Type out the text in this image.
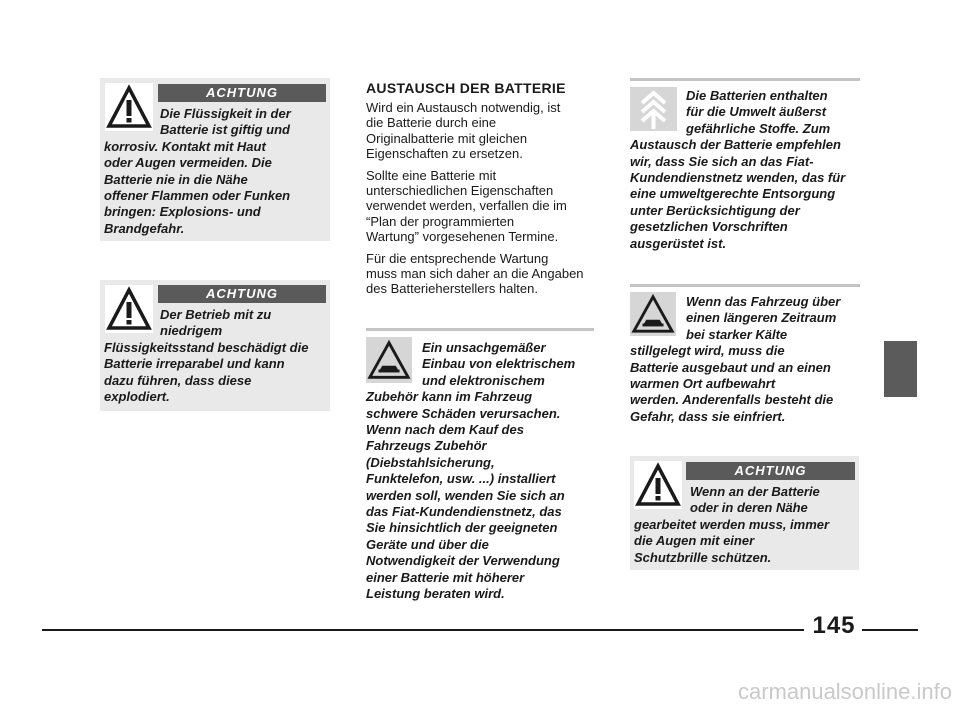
ACHTUNG
Die Flüssigkeit in der
Batterie ist giftig und
korrosiv. Kontakt mit Haut
oder Augen vermeiden. Die
Batterie nie in die Nähe
offener Flammen oder Funken
bringen: Explosions- und
Brandgefahr.
ACHTUNG
Der Betrieb mit zu
niedrigem
Flüssigkeitsstand beschädigt die
Batterie irreparabel und kann
dazu führen, dass diese
explodiert.
AUSTAUSCH DER BATTERIE

Wird ein Austausch notwendig, ist
die Batterie durch eine
Originalbatterie mit gleichen
Eigenschaften zu ersetzen.

Sollte eine Batterie mit
unterschiedlichen Eigenschaften
verwendet werden, verfallen die im
“Plan der programmierten
Wartung” vorgesehenen Termine.

Für die entsprechende Wartung
muss man sich daher an die Angaben
des Batterieherstellers halten.

Ein unsachgemäßer
Einbau von elektrischem
und elektronischem
Zubehör kann im Fahrzeug
schwere Schäden verursachen.
Wenn nach dem Kauf des
Fahrzeugs Zubehör
(Diebstahlsicherung,
Funktelefon, usw. ...) installiert
werden soll, wenden Sie sich an
das Fiat-Kundendienstnetz, das
Sie hinsichtlich der geeigneten
Geräte und über die
Notwendigkeit der Verwendung
einer Batterie mit höherer
Leistung beraten wird.
Die Batterien enthalten
für die Umwelt äußerst
gefährliche Stoffe. Zum
Austausch der Batterie empfehlen
wir, dass Sie sich an das Fiat-
Kundendienstnetz wenden, das für
eine umweltgerechte Entsorgung
unter Berücksichtigung der
gesetzlichen Vorschriften
ausgerüstet ist.
Wenn das Fahrzeug über
einen längeren Zeitraum
bei starker Kälte
stillgelegt wird, muss die
Batterie ausgebaut und an einen
warmen Ort aufbewahrt
werden. Anderenfalls besteht die
Gefahr, dass sie einfriert.
ACHTUNG
Wenn an der Batterie
oder in deren Nähe
gearbeitet werden muss, immer
die Augen mit einer
Schutzbrille schützen.
145
carmanualsonline.info
